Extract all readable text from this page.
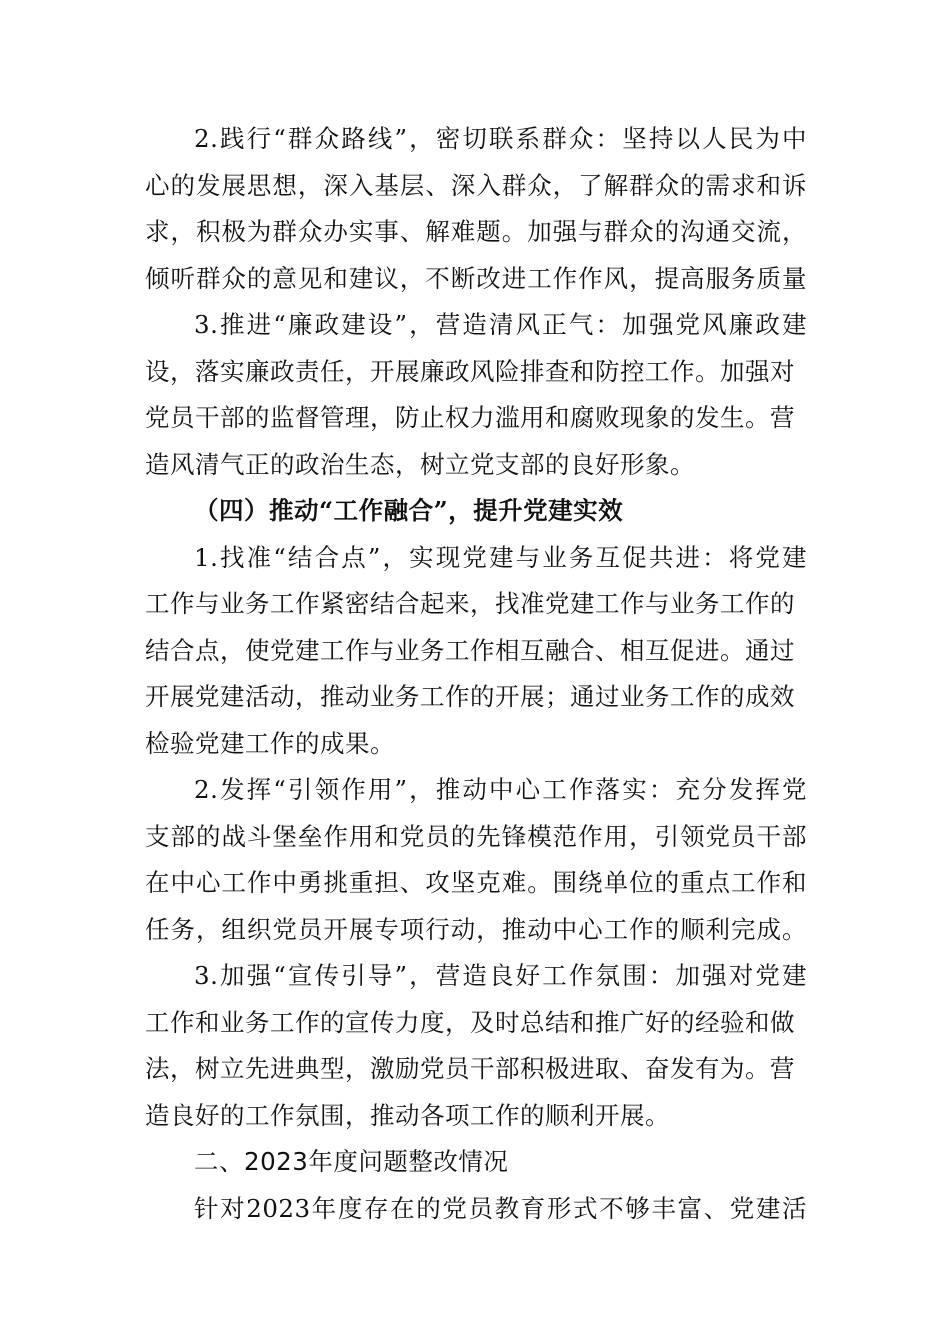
2.践行“群众路线”，密切联系群众：坚持以人民为中

心的发展思想，深入基层、深入群众，了解群众的需求和诉
求，积极为群众办实事、解难题。加强与群众的沟通交流，
倾听群众的意见和建议，不断改进工作作风，提高服务质量

3.推进“廉政建设”，营造清风正气：加强党风廉政建

设，落实廉政责任，开展廉政风险排查和防控工作。加强对
党员干部的监督管理，防止权力滥用和腐败现象的发生。营
造风清气正的政治生态，树立党支部的良好形象。

（四）推动“工作融合”，提升党建实效

1.找准“结合点”，实现党建与业务互促共进：将党建

工作与业务工作紧密结合起来，找准党建工作与业务工作的
结合点，使党建工作与业务工作相互融合、相互促进。通过
开展党建活动，推动业务工作的开展；通过业务工作的成效
检验党建工作的成果。

2.发挥“引领作用”，推动中心工作落实：充分发挥党

支部的战斗堡垒作用和党员的先锋模范作用，引领党员干部
在中心工作中勇挑重担、攻坚克难。围绕单位的重点工作和
任务，组织党员开展专项行动，推动中心工作的顺利完成。

3.加强“宣传引导”，营造良好工作氛围：加强对党建

工作和业务工作的宣传力度，及时总结和推广好的经验和做
法，树立先进典型，激励党员干部积极进取、奋发有为。营
造良好的工作氛围，推动各项工作的顺利开展。

二、2023年度问题整改情况

针对2023年度存在的党员教育形式不够丰富、党建活
